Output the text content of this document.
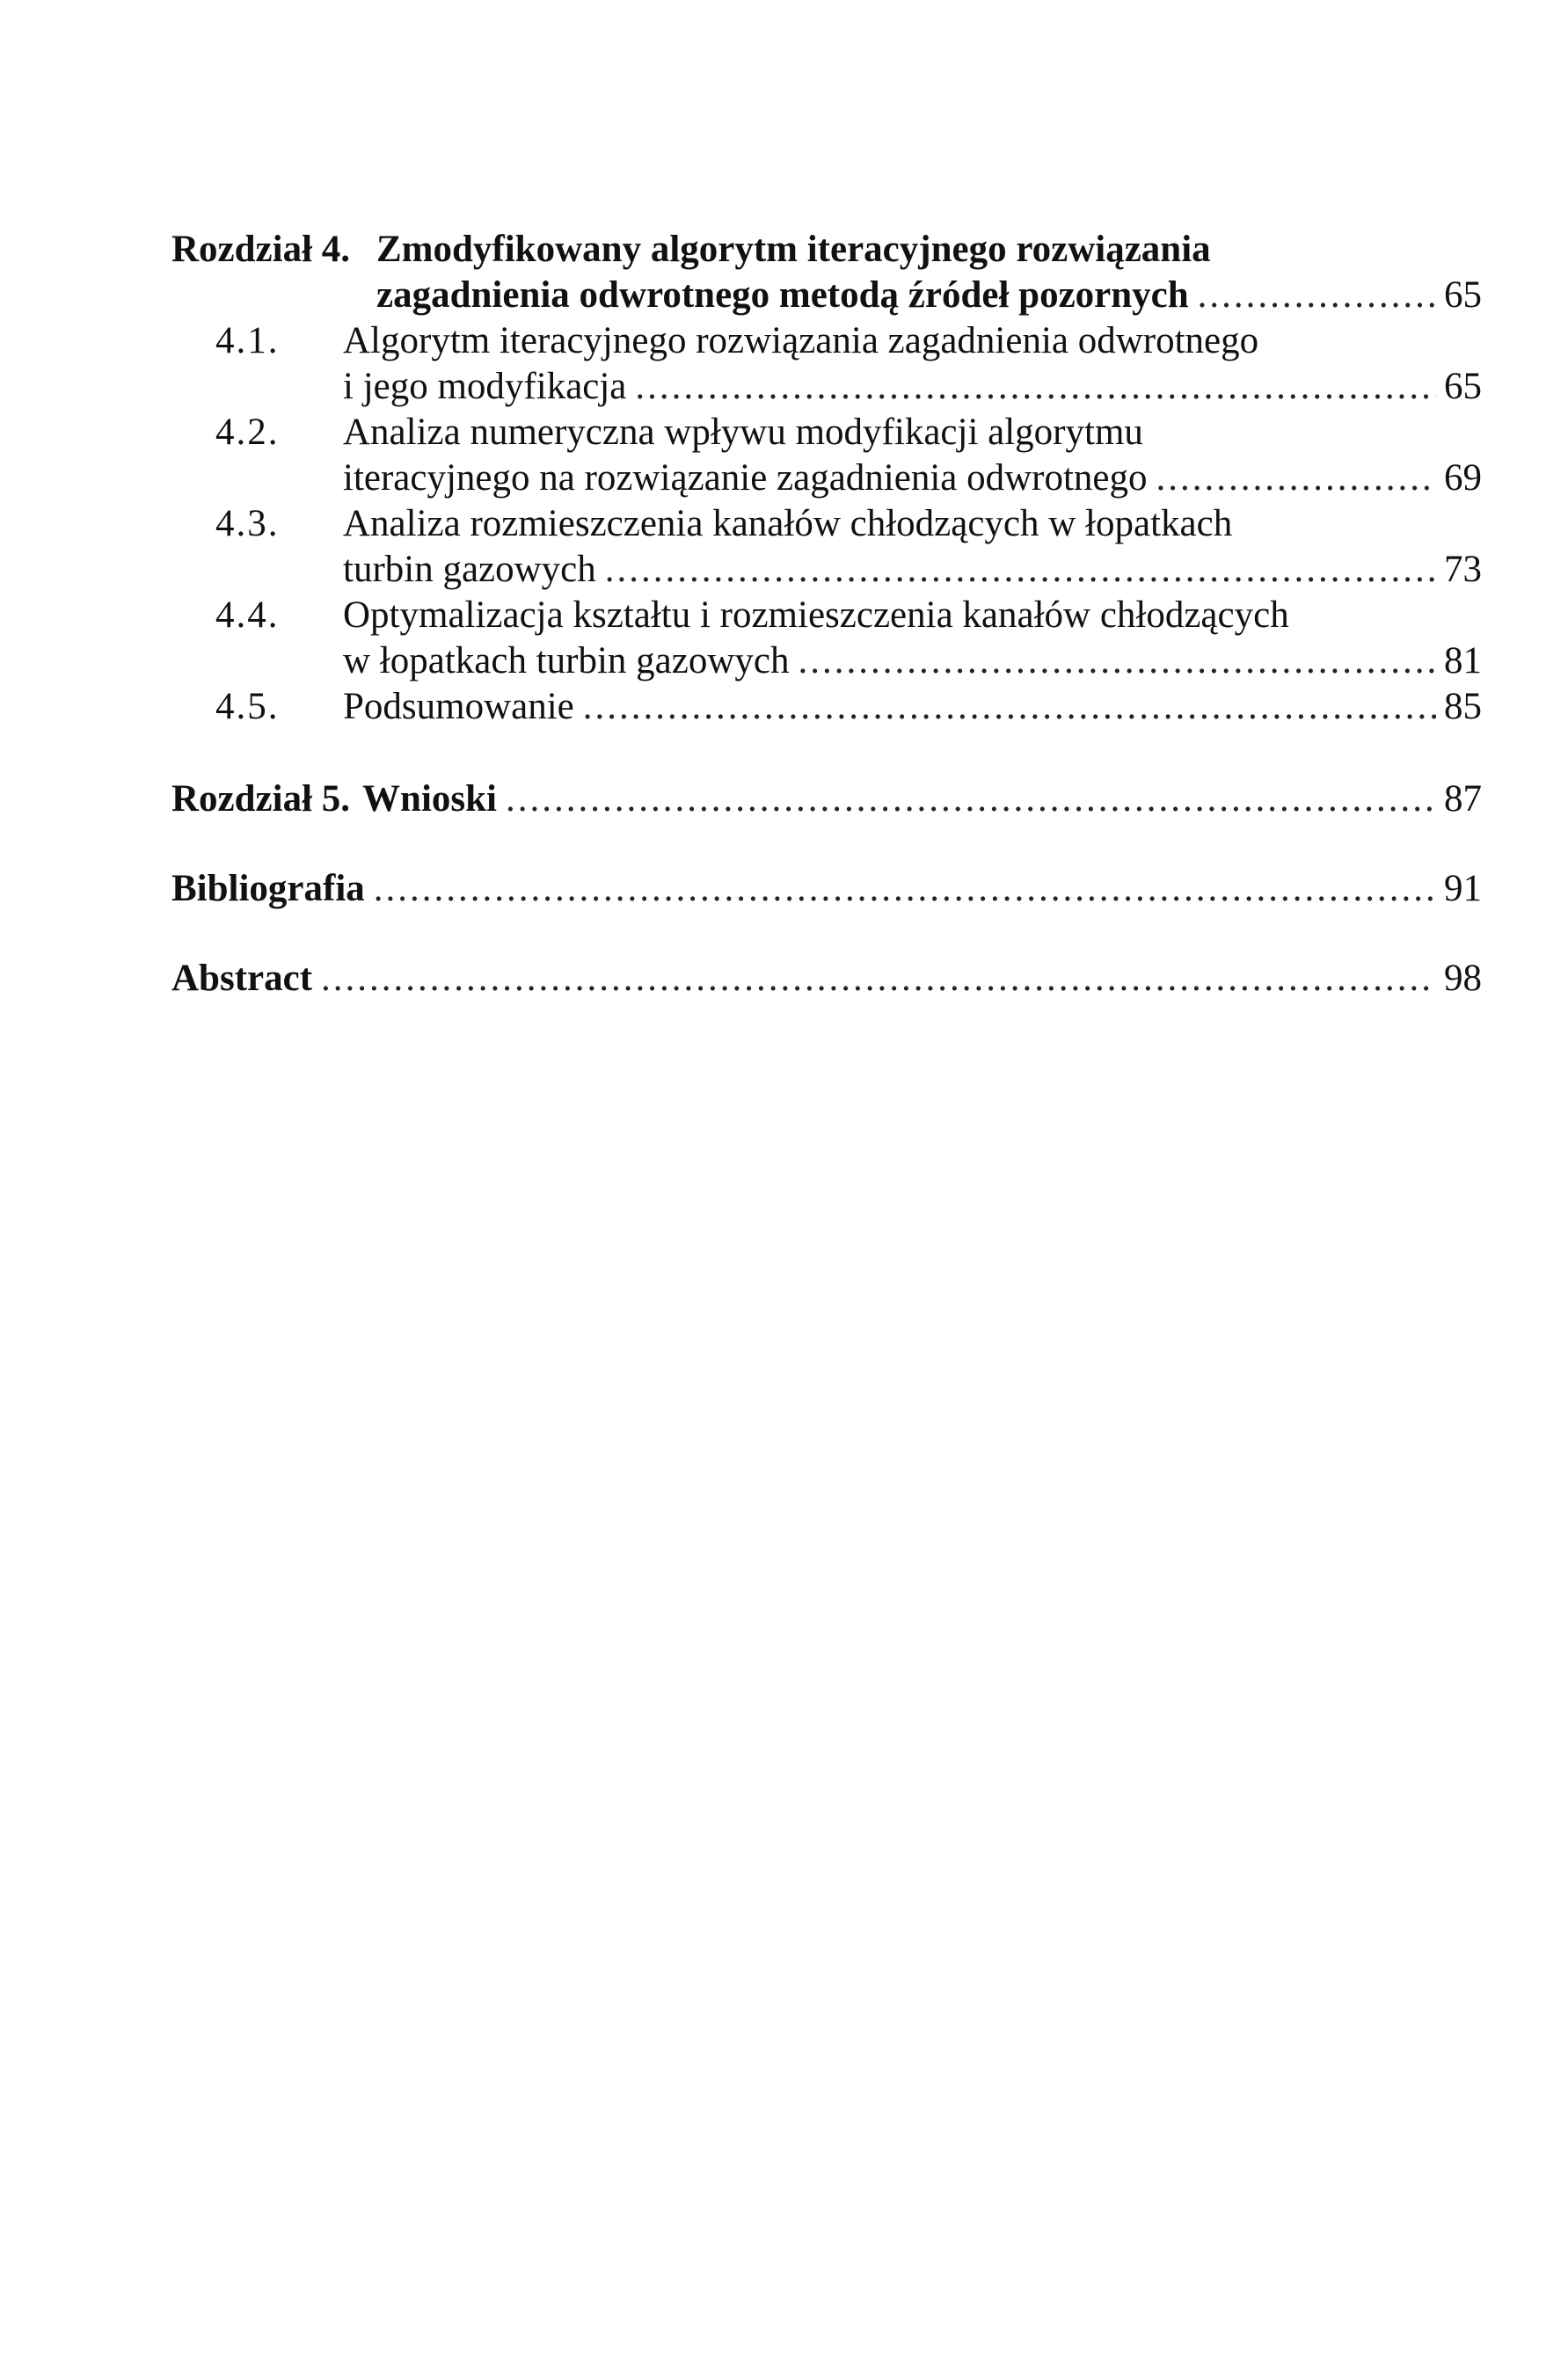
Rozdział 4. Zmodyfikowany algorytm iteracyjnego rozwiązania
zagadnienia odwrotnego metodą źródeł pozornych .....	65
4.1.	Algorytm iteracyjnego rozwiązania zagadnienia odwrotnego
i jego modyfikacja .....	65
4.2.	Analiza numeryczna wpływu modyfikacji algorytmu
iteracyjnego na rozwiązanie zagadnienia odwrotnego .....	69
4.3.	Analiza rozmieszczenia kanałów chłodzących w łopatkach
turbin gazowych .....	73
4.4.	Optymalizacja kształtu i rozmieszczenia kanałów chłodzących
w łopatkach turbin gazowych .....	81
4.5.	Podsumowanie .....	85
Rozdział 5. Wnioski .....	87
Bibliografia .....	91
Abstract .....	98
